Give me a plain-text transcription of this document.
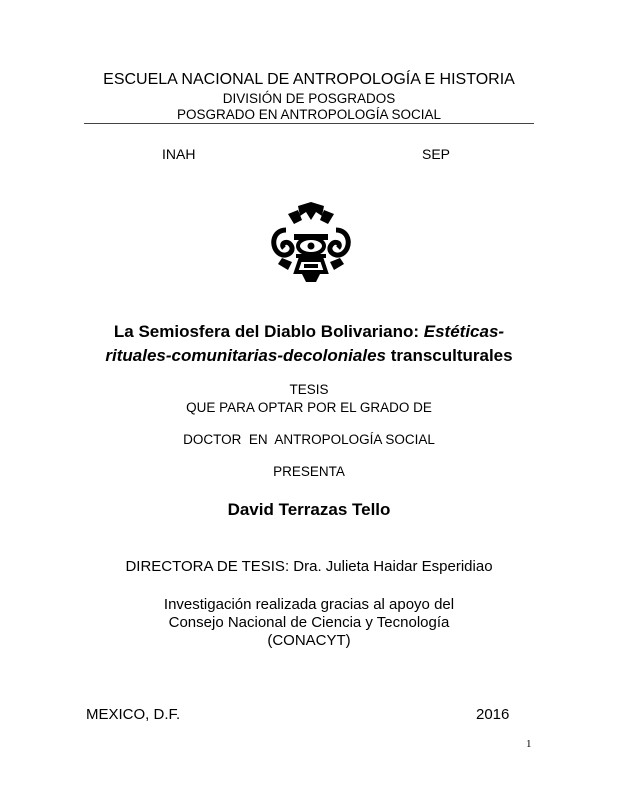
ESCUELA NACIONAL DE ANTROPOLOGÍA E HISTORIA
DIVISIÓN DE POSGRADOS
POSGRADO EN ANTROPOLOGÍA SOCIAL
INAH	SEP
La Semiosfera del Diablo Bolivariano: Estéticas-
rituales-comunitarias-decoloniales transculturales
TESIS
QUE PARA OPTAR POR EL GRADO DE
DOCTOR  EN  ANTROPOLOGÍA SOCIAL
PRESENTA
David Terrazas Tello
DIRECTORA DE TESIS: Dra. Julieta Haidar Esperidiao
Investigación realizada gracias al apoyo del
Consejo Nacional de Ciencia y Tecnología
(CONACYT)
MEXICO, D.F.	2016
1
